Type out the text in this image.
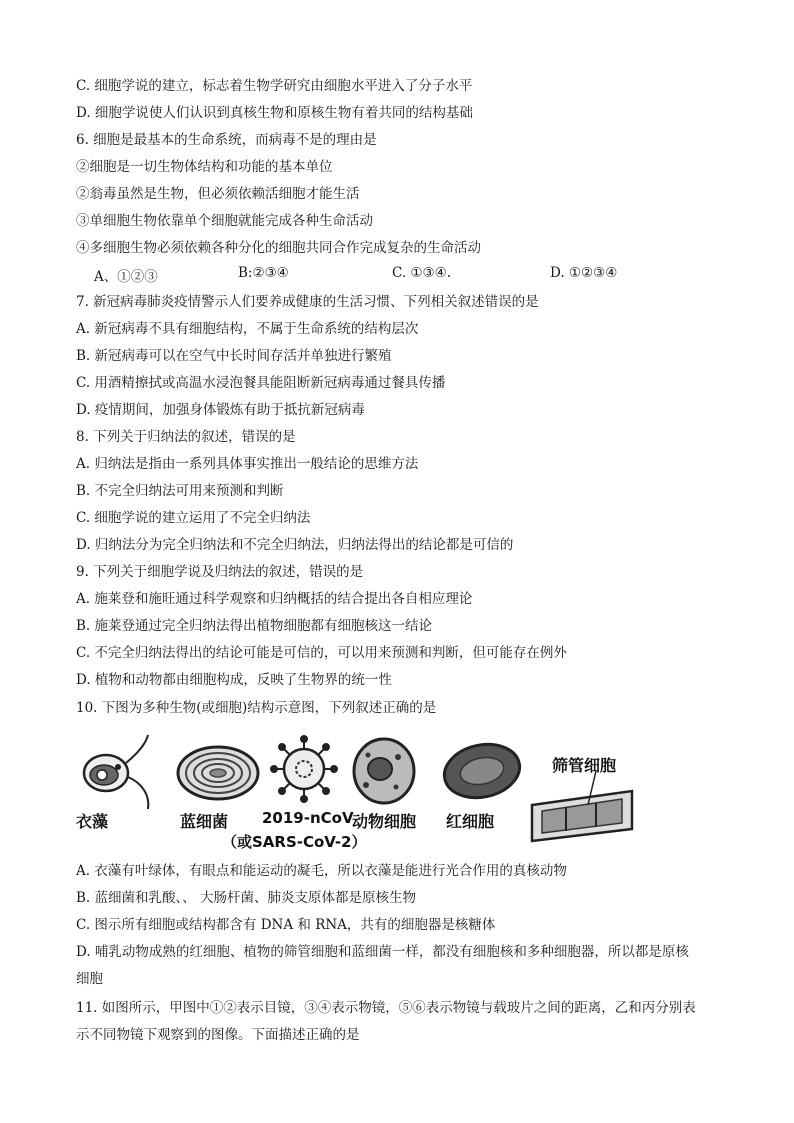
C. 细胞学说的建立，标志着生物学研究由细胞水平进入了分子水平
D. 细胞学说使人们认识到真核生物和原核生物有着共同的结构基础
6. 细胞是最基本的生命系统，而病毒不是的理由是
②细胞是一切生物体结构和功能的基本单位
②翁毒虽然是生物，但必须依赖活细胞才能生活
③单细胞生物依靠单个细胞就能完成各种生命活动
④多细胞生物必须依赖各种分化的细胞共同合作完成复杂的生命活动
A、①②③	B:②③④	C. ①③④.	D. ①②③④
7. 新冠病毒肺炎疫情警示人们要养成健康的生活习惯、下列相关叙述错误的是
A. 新冠病毒不具有细胞结构，不属于生命系统的结构层次
B. 新冠病毒可以在空气中长时间存活并单独进行繁殖
C. 用酒精擦拭或高温水浸泡餐具能阻断新冠病毒通过餐具传播
D. 疫情期间，加强身体锻炼有助于抵抗新冠病毒
8. 下列关于归纳法的叙述，错误的是
A. 归纳法是指由一系列具体事实推出一般结论的思维方法
B. 不完全归纳法可用来预测和判断
C. 细胞学说的建立运用了不完全归纳法
D. 归纳法分为完全归纳法和不完全归纳法，归纳法得出的结论都是可信的
9. 下列关于细胞学说及归纳法的叙述，错误的是
A. 施莱登和施旺通过科学观察和归纳概括的结合提出各自相应理论
B. 施莱登通过完全归纳法得出植物细胞都有细胞核这一结论
C. 不完全归纳法得出的结论可能是可信的，可以用来预测和判断，但可能存在例外
D. 植物和动物都由细胞构成，反映了生物界的统一性
10. 下图为多种生物(或细胞)结构示意图，下列叙述正确的是
衣藻	蓝细菌 2019-nCoV
（或SARS-CoV-2）
动物细胞 红细胞
筛管细胞
A. 衣藻有叶绿体，有眼点和能运动的凝毛，所以衣藻是能进行光合作用的真核动物
B. 蓝细菌和乳酸、、 大肠杆菌、肺炎支原体都是原核生物
C. 图示所有细胞或结构都含有 DNA 和 RNA，共有的细胞器是核糖体
D. 哺乳动物成熟的红细胞、植物的筛管细胞和蓝细菌一样，都没有细胞核和多种细胞器，所以都是原核
细胞
11. 如图所示，甲图中①②表示目镜，③④表示物镜，⑤⑥表示物镜与载玻片之间的距离，乙和丙分别表
示不同物镜下观察到的图像。下面描述正确的是
